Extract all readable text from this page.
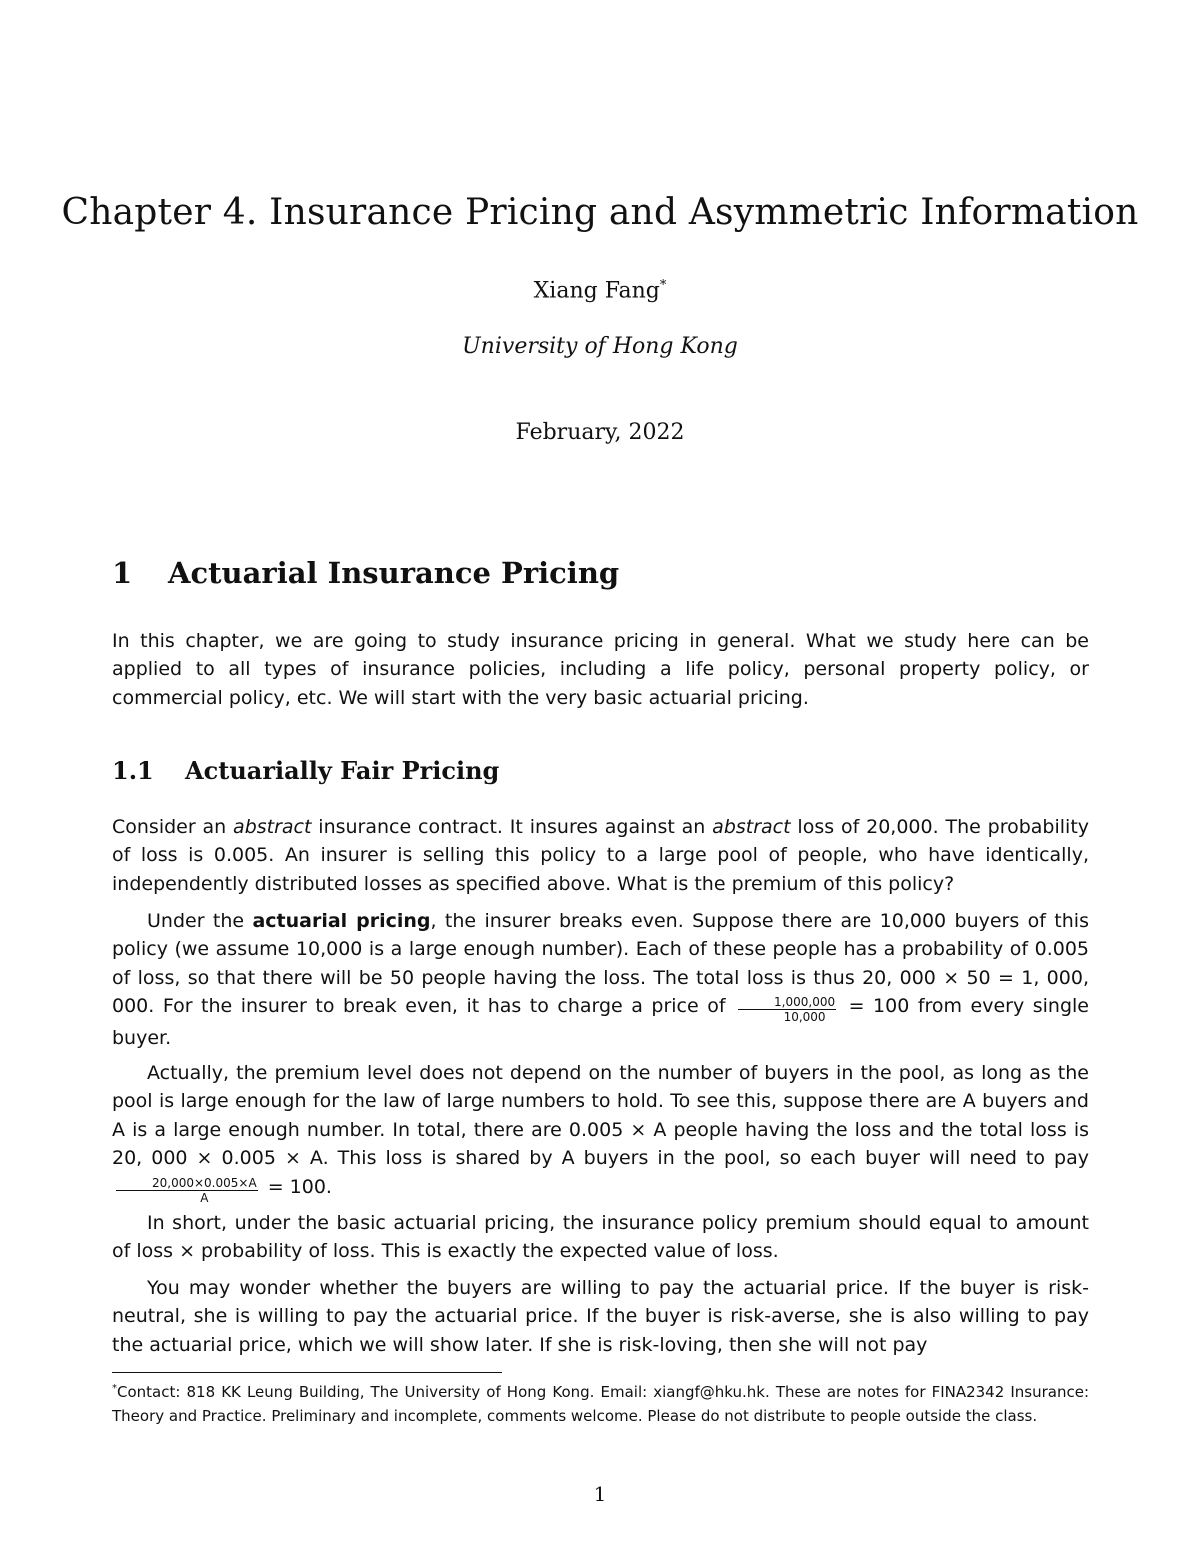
Chapter 4. Insurance Pricing and Asymmetric Information
Xiang Fang*
University of Hong Kong
February, 2022
1 Actuarial Insurance Pricing

In this chapter, we are going to study insurance pricing in general. What we study here can be applied to all types of insurance policies, including a life policy, personal property policy, or commercial policy, etc. We will start with the very basic actuarial pricing.

1.1 Actuarially Fair Pricing

Consider an abstract insurance contract. It insures against an abstract loss of 20,000. The probability of loss is 0.005. An insurer is selling this policy to a large pool of people, who have identically, independently distributed losses as specified above. What is the premium of this policy?

Under the actuarial pricing, the insurer breaks even. Suppose there are 10,000 buyers of this policy (we assume 10,000 is a large enough number). Each of these people has a probability of 0.005 of loss, so that there will be 50 people having the loss. The total loss is thus 20, 000 × 50 = 1, 000, 000. For the insurer to break even, it has to charge a price of $\frac{1,000,000}{10,000} = 100$ from every single buyer.

Actually, the premium level does not depend on the number of buyers in the pool, as long as the pool is large enough for the law of large numbers to hold. To see this, suppose there are A buyers and A is a large enough number. In total, there are 0.005 × A people having the loss and the total loss is 20, 000 × 0.005 × A. This loss is shared by A buyers in the pool, so each buyer will need to pay
$\frac{20,000\times 0.005\times A}{A} = 100$.

In short, under the basic actuarial pricing, the insurance policy premium should equal to amount of loss × probability of loss. This is exactly the expected value of loss.

You may wonder whether the buyers are willing to pay the actuarial price. If the buyer is risk-neutral, she is willing to pay the actuarial price. If the buyer is risk-averse, she is also willing to pay the actuarial price, which we will show later. If she is risk-loving, then she will not pay

*Contact: 818 KK Leung Building, The University of Hong Kong. Email: xiangf@hku.hk. These are notes for FINA2342 Insurance: Theory and Practice. Preliminary and incomplete, comments welcome. Please do not distribute to people outside the class.

1
